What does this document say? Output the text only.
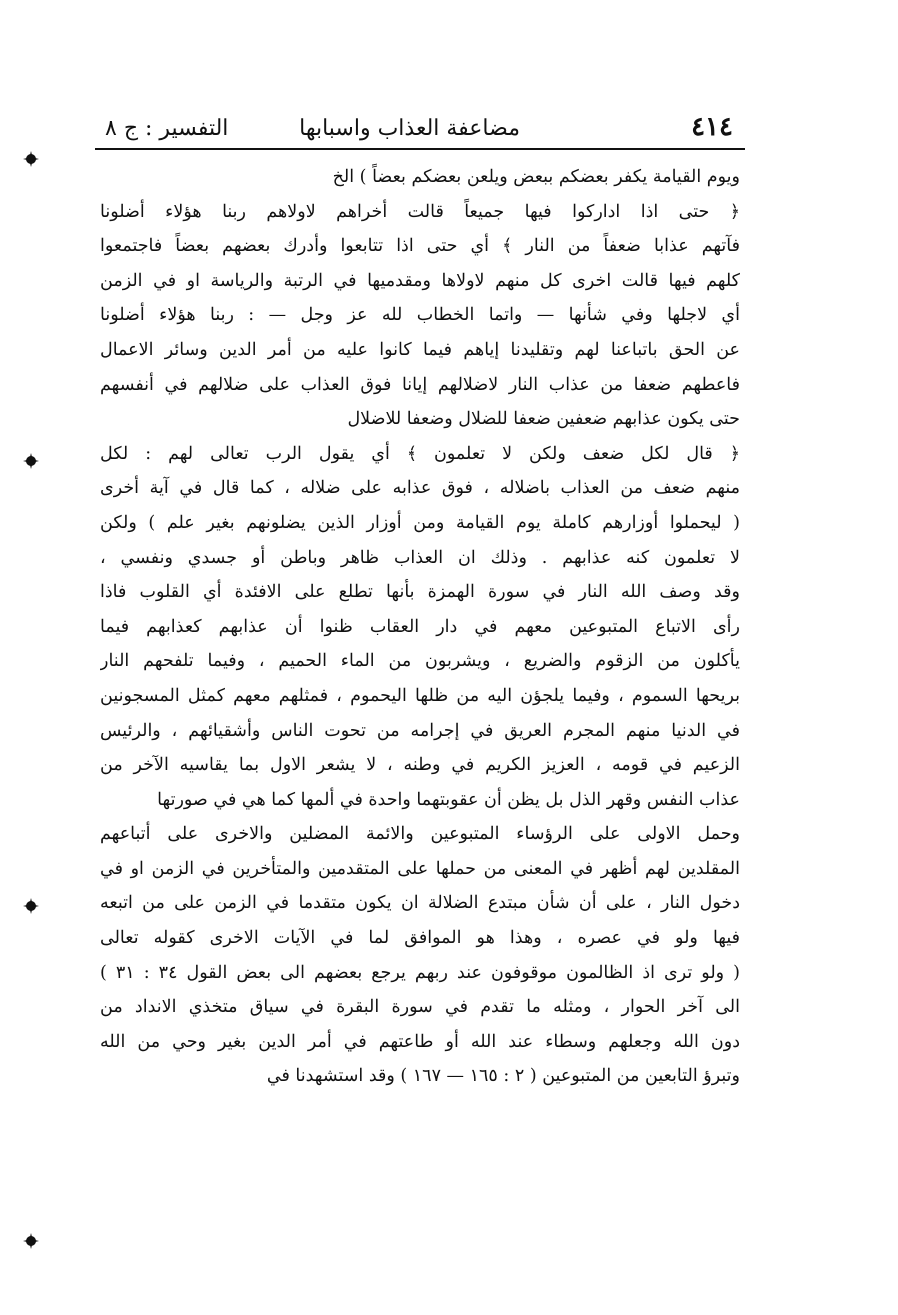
٤١٤
مضاعفة العذاب واسبابها
التفسير : ج ٨
ويوم القيامة يكفر بعضكم ببعض ويلعن بعضكم بعضاً ) الخ
﴿ حتى اذا اداركوا فيها جميعاً قالت أخراهم لاولاهم ربنا هؤلاء أضلونا
فآتهم عذابا ضعفاً من النار ﴾ أي حتى اذا تتابعوا وأدرك بعضهم بعضاً فاجتمعوا
كلهم فيها قالت اخرى كل منهم لاولاها ومقدميها في الرتبة والرياسة او في الزمن
أي لاجلها وفي شأنها — واتما الخطاب لله عز وجل — : ربنا هؤلاء أضلونا
عن الحق باتباعنا لهم وتقليدنا إياهم فيما كانوا عليه من أمر الدين وسائر الاعمال
فاعطهم ضعفا من عذاب النار لاضلالهم إيانا فوق العذاب على ضلالهم في أنفسهم
حتى يكون عذابهم ضعفين ضعفا للضلال وضعفا للاضلال
﴿ قال لكل ضعف ولكن لا تعلمون ﴾ أي يقول الرب تعالى لهم : لكل
منهم ضعف من العذاب باضلاله ، فوق عذابه على ضلاله ، كما قال في آية أخرى
( ليحملوا أوزارهم كاملة يوم القيامة ومن أوزار الذين يضلونهم بغير علم ) ولكن
لا تعلمون كنه عذابهم . وذلك ان العذاب ظاهر وباطن أو جسدي ونفسي ،
وقد وصف الله النار في سورة الهمزة بأنها تطلع على الافئدة أي القلوب فاذا
رأى الاتباع المتبوعين معهم في دار العقاب ظنوا أن عذابهم كعذابهم فيما
يأكلون من الزقوم والضريع ، ويشربون من الماء الحميم ، وفيما تلفحهم النار
بريحها السموم ، وفيما يلجؤن اليه من ظلها اليحموم ، فمثلهم معهم كمثل المسجونين
في الدنيا منهم المجرم العريق في إجرامه من تحوت الناس وأشقيائهم ، والرئيس
الزعيم في قومه ، العزيز الكريم في وطنه ، لا يشعر الاول بما يقاسيه الآخر من
عذاب النفس وقهر الذل بل يظن أن عقوبتهما واحدة في ألمها كما هي في صورتها
وحمل الاولى على الرؤساء المتبوعين والائمة المضلين والاخرى على أتباعهم
المقلدين لهم أظهر في المعنى من حملها على المتقدمين والمتأخرين في الزمن او في
دخول النار ، على أن شأن مبتدع الضلالة ان يكون متقدما في الزمن على من اتبعه
فيها ولو في عصره ، وهذا هو الموافق لما في الآيات الاخرى كقوله تعالى
( ولو ترى اذ الظالمون موقوفون عند ربهم يرجع بعضهم الى بعض القول ٣٤ : ٣١ )
الى آخر الحوار ، ومثله ما تقدم في سورة البقرة في سياق متخذي الانداد من
دون الله وجعلهم وسطاء عند الله أو طاعتهم في أمر الدين بغير وحي من الله
وتبرؤ التابعين من المتبوعين ( ٢ : ١٦٥ — ١٦٧ ) وقد استشهدنا في
